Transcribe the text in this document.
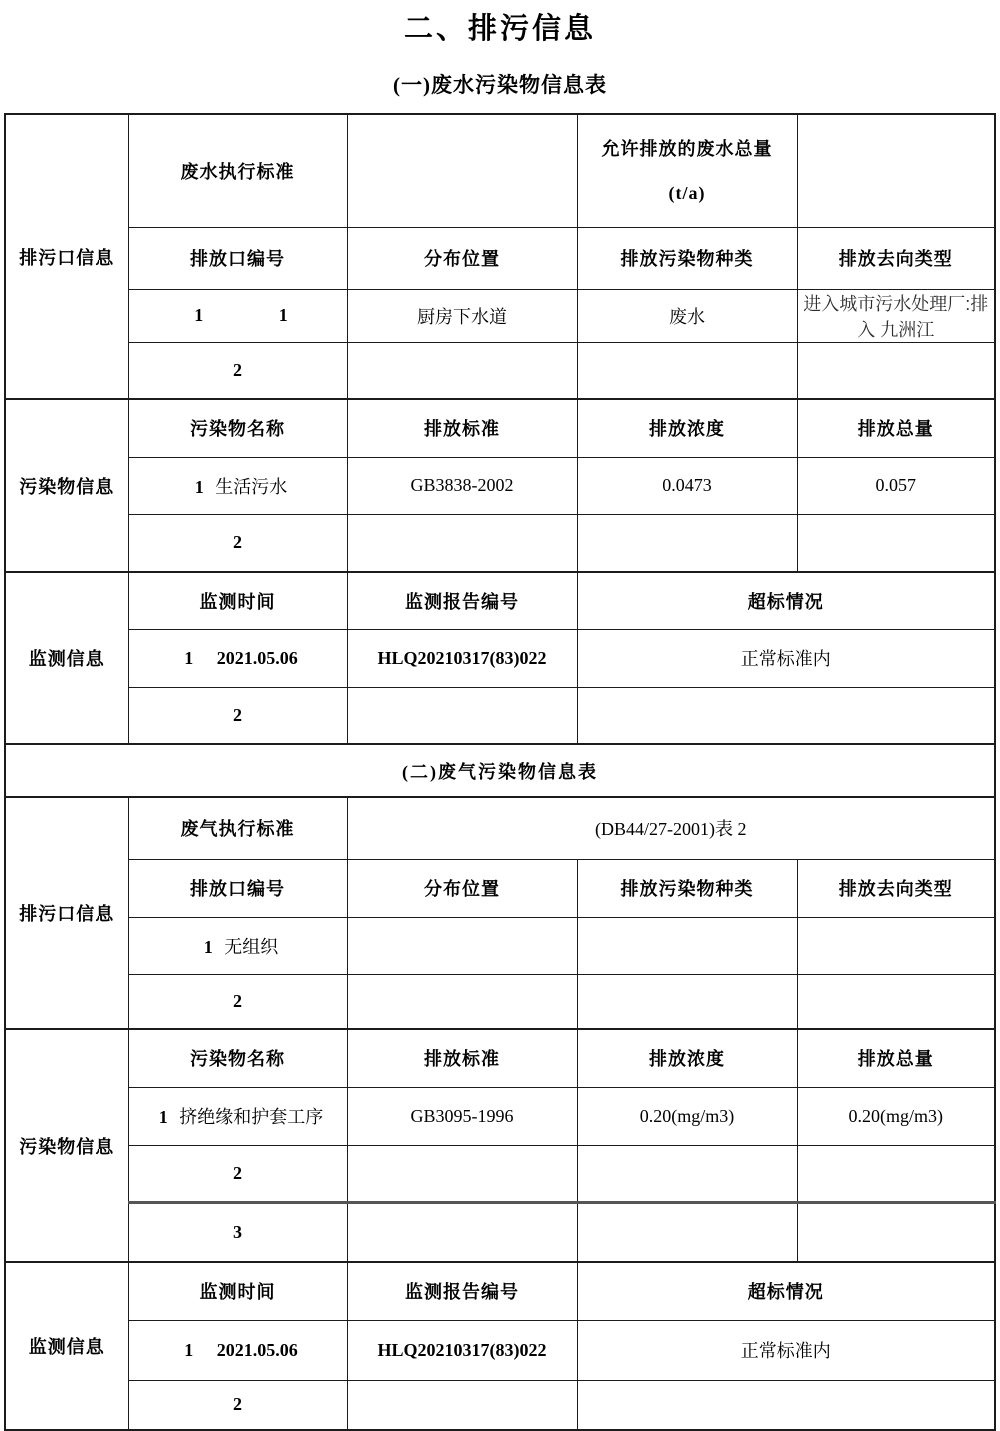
二、排污信息
(一)废水污染物信息表
排污口信息	废水执行标准		允许排放的废水总量
(t/a)	

	排放口编号	分布位置	排放污染物种类	排放去向类型
	1 1	厨房下水道	废水	进入城市污水处理厂:排入 九洲江
	2			
污染物信息	污染物名称	排放标准	排放浓度	排放总量
	1 生活污水	GB3838-2002	0.0473	0.057
	2			
监测信息	监测时间	监测报告编号	超标情况	
	1 2021.05.06	HLQ20210317(83)022	正常标准内	
	2			
(二)废气污染物信息表				
排污口信息	废气执行标准	(DB44/27-2001)表 2		
	排放口编号	分布位置	排放污染物种类	排放去向类型
	1 无组织			
	2			
污染物信息	污染物名称	排放标准	排放浓度	排放总量
	1 挤绝缘和护套工序	GB3095-1996	0.20(mg/m3)	0.20(mg/m3)
	2			
	3			
监测信息	监测时间	监测报告编号	超标情况	
	1 2021.05.06	HLQ20210317(83)022	正常标准内	
	2			
